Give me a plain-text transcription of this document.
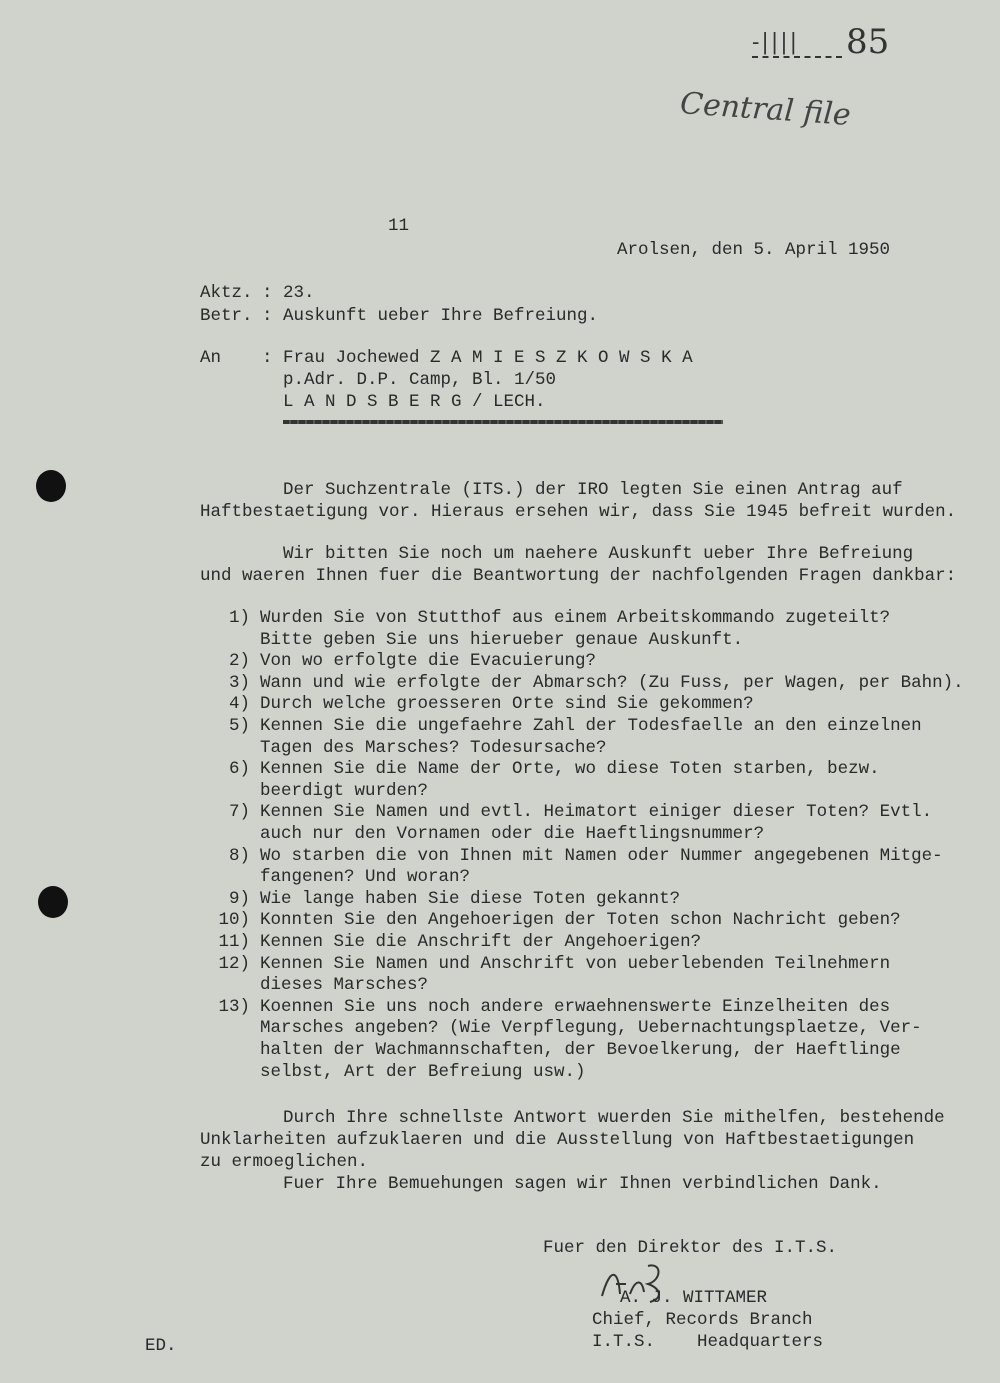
-|||| 85
Central file
11
Arolsen, den 5. April 1950
Aktz. : 23.
Betr. : Auskunft ueber Ihre Befreiung.
An : Frau Jochewed Z A M I E S Z K O W S K A
p.Adr. D.P. Camp, Bl. 1/50
L A N D S B E R G / LECH.
Der Suchzentrale (ITS.) der IRO legten Sie einen Antrag auf
Haftbestaetigung vor. Hieraus ersehen wir, dass Sie 1945 befreit wurden.
Wir bitten Sie noch um naehere Auskunft ueber Ihre Befreiung
und waeren Ihnen fuer die Beantwortung der nachfolgenden Fragen dankbar:
1) Wurden Sie von Stutthof aus einem Arbeitskommando zugeteilt?
Bitte geben Sie uns hierueber genaue Auskunft.
2) Von wo erfolgte die Evacuierung?
3) Wann und wie erfolgte der Abmarsch? (Zu Fuss, per Wagen, per Bahn).
4) Durch welche groesseren Orte sind Sie gekommen?
5) Kennen Sie die ungefaehre Zahl der Todesfaelle an den einzelnen
Tagen des Marsches? Todesursache?
6) Kennen Sie die Name der Orte, wo diese Toten starben, bezw.
beerdigt wurden?
7) Kennen Sie Namen und evtl. Heimatort einiger dieser Toten? Evtl.
auch nur den Vornamen oder die Haeftlingsnummer?
8) Wo starben die von Ihnen mit Namen oder Nummer angegebenen Mitge-
fangenen? Und woran?
9) Wie lange haben Sie diese Toten gekannt?
10) Konnten Sie den Angehoerigen der Toten schon Nachricht geben?
11) Kennen Sie die Anschrift der Angehoerigen?
12) Kennen Sie Namen und Anschrift von ueberlebenden Teilnehmern
dieses Marsches?
13) Koennen Sie uns noch andere erwaehnenswerte Einzelheiten des
Marsches angeben? (Wie Verpflegung, Uebernachtungsplaetze, Ver-
halten der Wachmannschaften, der Bevoelkerung, der Haeftlinge
selbst, Art der Befreiung usw.)
Durch Ihre schnellste Antwort wuerden Sie mithelfen, bestehende
Unklarheiten aufzuklaeren und die Ausstellung von Haftbestaetigungen
zu ermoeglichen.
Fuer Ihre Bemuehungen sagen wir Ihnen verbindlichen Dank.
Fuer den Direktor des I.T.S.
A. J. WITTAMER
Chief, Records Branch
I.T.S.    Headquarters
ED.
